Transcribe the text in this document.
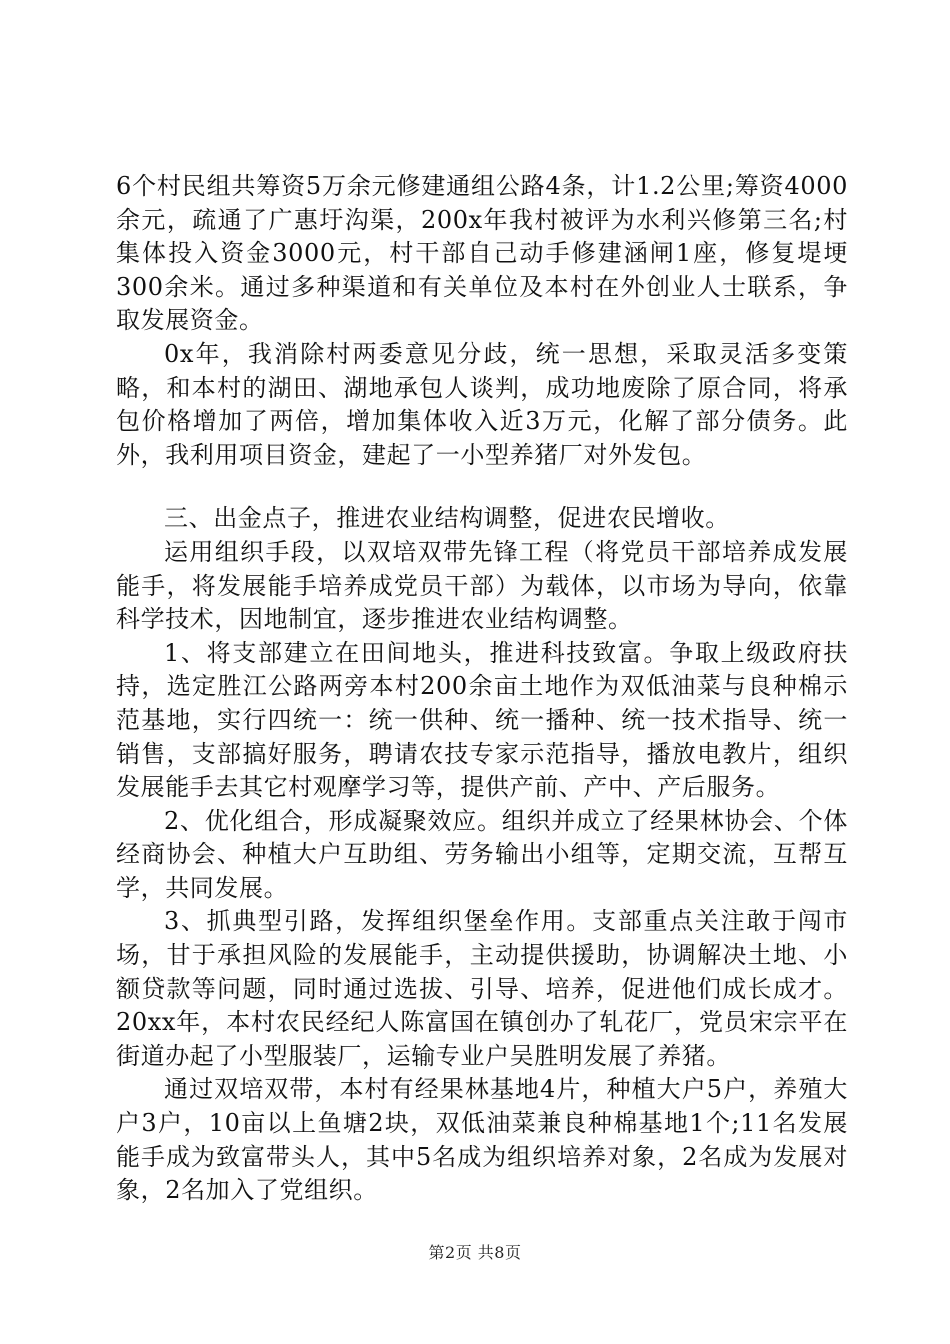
6个村民组共筹资5万余元修建通组公路4条，计1.2公里;筹资4000余元，疏通了广惠圩沟渠，200x年我村被评为水利兴修第三名;村集体投入资金3000元，村干部自己动手修建涵闸1座，修复堤埂300余米。通过多种渠道和有关单位及本村在外创业人士联系，争取发展资金。

0x年，我消除村两委意见分歧，统一思想，采取灵活多变策略，和本村的湖田、湖地承包人谈判，成功地废除了原合同，将承包价格增加了两倍，增加集体收入近3万元，化解了部分债务。此外，我利用项目资金，建起了一小型养猪厂对外发包。

三、出金点子，推进农业结构调整，促进农民增收。

运用组织手段，以双培双带先锋工程（将党员干部培养成发展能手，将发展能手培养成党员干部）为载体，以市场为导向，依靠科学技术，因地制宜，逐步推进农业结构调整。

1、将支部建立在田间地头，推进科技致富。争取上级政府扶持，选定胜江公路两旁本村200余亩土地作为双低油菜与良种棉示范基地，实行四统一：统一供种、统一播种、统一技术指导、统一销售，支部搞好服务，聘请农技专家示范指导，播放电教片，组织发展能手去其它村观摩学习等，提供产前、产中、产后服务。

2、优化组合，形成凝聚效应。组织并成立了经果林协会、个体经商协会、种植大户互助组、劳务输出小组等，定期交流，互帮互学，共同发展。

3、抓典型引路，发挥组织堡垒作用。支部重点关注敢于闯市场，甘于承担风险的发展能手，主动提供援助，协调解决土地、小额贷款等问题，同时通过选拔、引导、培养，促进他们成长成才。20xx年，本村农民经纪人陈富国在镇创办了轧花厂，党员宋宗平在街道办起了小型服装厂，运输专业户吴胜明发展了养猪。

通过双培双带，本村有经果林基地4片，种植大户5户，养殖大户3户，10亩以上鱼塘2块，双低油菜兼良种棉基地1个;11名发展能手成为致富带头人，其中5名成为组织培养对象，2名成为发展对象，2名加入了党组织。

第2页 共8页
